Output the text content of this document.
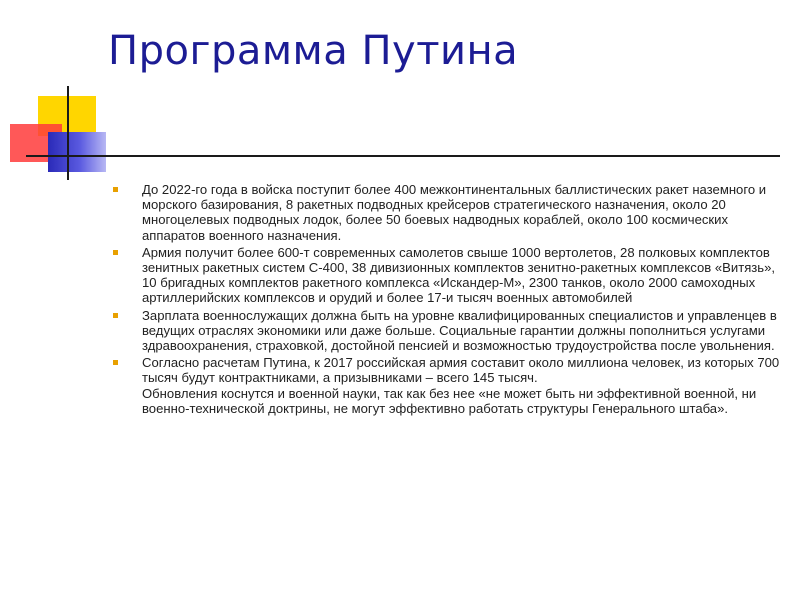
Программа Путина
До 2022-го года в войска поступит более 400 межконтинентальных баллистических ракет наземного и морского базирования, 8 ракетных подводных крейсеров стратегического назначения, около 20 многоцелевых подводных лодок, более 50 боевых надводных кораблей, около 100 космических аппаратов военного назначения.
Армия получит более 600-т современных самолетов свыше 1000 вертолетов, 28 полковых комплектов зенитных ракетных систем С-400, 38 дивизионных комплектов зенитно-ракетных комплексов «Витязь», 10 бригадных комплектов ракетного комплекса «Искандер-М», 2300 танков, около 2000 самоходных артиллерийских комплексов и орудий и более 17-и тысяч военных автомобилей
Зарплата военнослужащих должна быть на уровне квалифицированных специалистов и управленцев в ведущих отраслях экономики или даже больше. Социальные гарантии должны пополниться услугами здравоохранения, страховкой, достойной пенсией и возможностью трудоустройства после увольнения.
Согласно расчетам Путина, к 2017 российская армия составит около миллиона человек, из которых 700 тысяч будут контрактниками, а призывниками – всего 145 тысяч.
Обновления коснутся и военной науки, так как без нее «не может быть ни эффективной военной, ни военно-технической доктрины, не могут эффективно работать структуры Генерального штаба».
